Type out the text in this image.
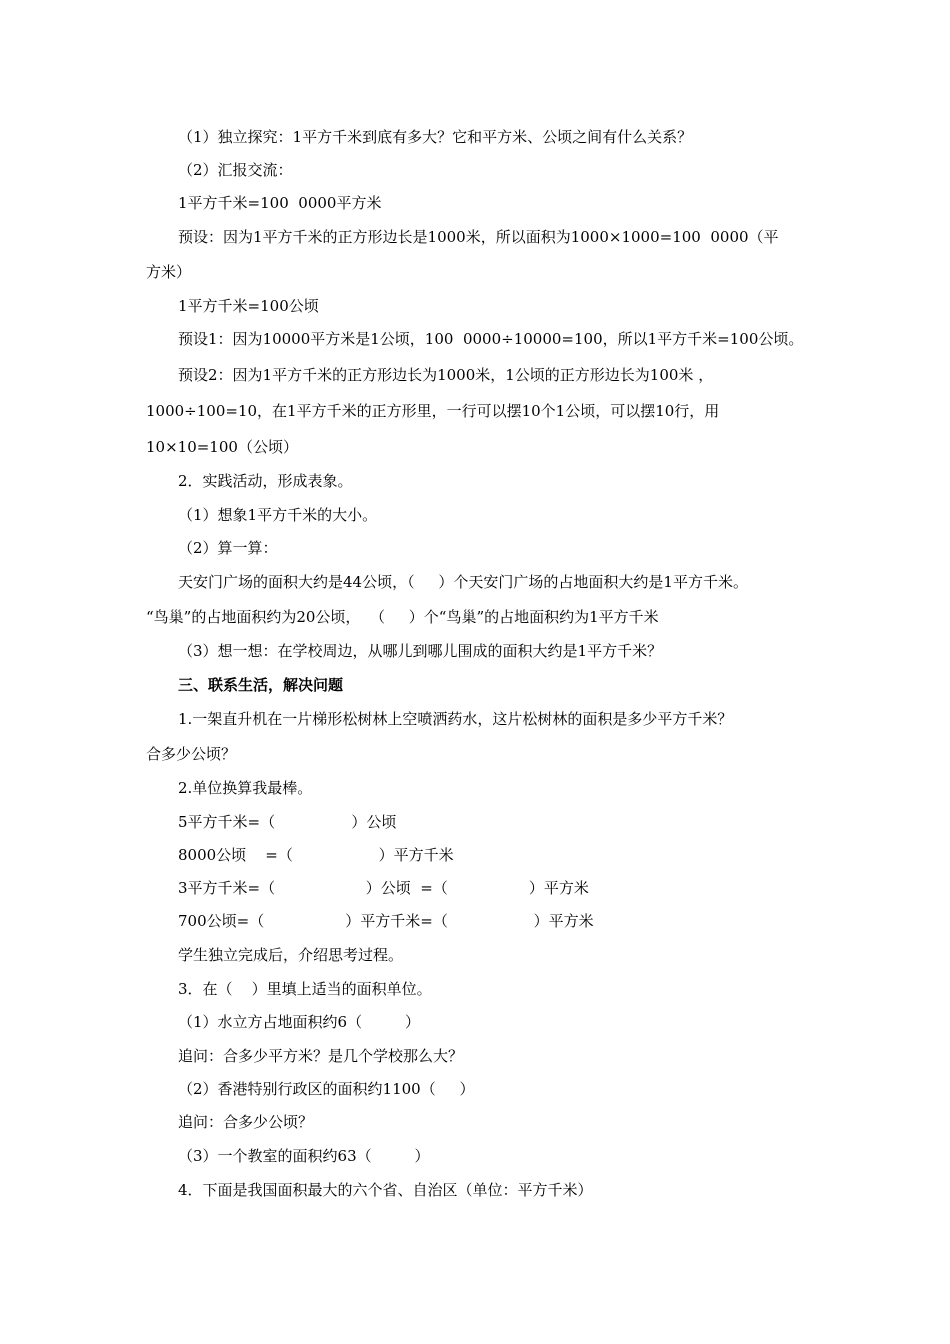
（1）独立探究：1平方千米到底有多大？它和平方米、公顷之间有什么关系？
（2）汇报交流：
1平方千米=100  0000平方米
预设：因为1平方千米的正方形边长是1000米，所以面积为1000×1000=100  0000（平
方米）
1平方千米=100公顷
预设1：因为10000平方米是1公顷，100  0000÷10000=100，所以1平方千米=100公顷。
预设2：因为1平方千米的正方形边长为1000米，1公顷的正方形边长为100米 ，
1000÷100=10，在1平方千米的正方形里，一行可以摆10个1公顷，可以摆10行，用
10×10=100（公顷）
2．实践活动，形成表象。
（1）想象1平方千米的大小。
（2）算一算：
天安门广场的面积大约是44公顷，（     ）个天安门广场的占地面积大约是1平方千米。
“鸟巢”的占地面积约为20公顷，  （     ）个“鸟巢”的占地面积约为1平方千米
（3）想一想：在学校周边，从哪儿到哪儿围成的面积大约是1平方千米？
三、联系生活，解决问题
1.一架直升机在一片梯形松树林上空喷洒药水，这片松树林的面积是多少平方千米？
合多少公顷？
2.单位换算我最棒。
5平方千米=（                ）公顷
8000公顷    =（                  ）平方千米
3平方千米=（                   ）公顷  =（                 ）平方米
700公顷=（                 ）平方千米=（                  ）平方米
学生独立完成后，介绍思考过程。
3．在（    ）里填上适当的面积单位。
（1）水立方占地面积约6（         ）
追问：合多少平方米？是几个学校那么大？
（2）香港特别行政区的面积约1100（     ）
追问：合多少公顷？
（3）一个教室的面积约63（         ）
4．下面是我国面积最大的六个省、自治区（单位：平方千米）
